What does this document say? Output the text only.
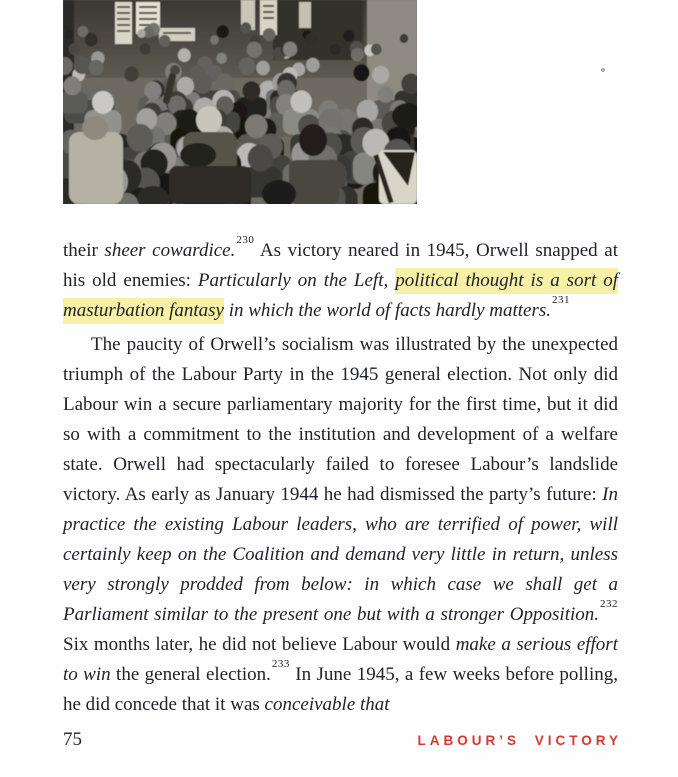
their sheer cowardice.$^{230}$ As victory neared in 1945, Orwell snapped at his old enemies: Particularly on the Left, political thought is a sort of masturbation fantasy in which the world of facts hardly matters.$^{231}$

The paucity of Orwell’s socialism was illustrated by the unexpected triumph of the Labour Party in the 1945 general election. Not only did Labour win a secure parliamentary majority for the first time, but it did so with a commitment to the institution and development of a welfare state. Orwell had spectacularly failed to foresee Labour’s landslide victory. As early as January 1944 he had dismissed the party’s future: In practice the existing Labour leaders, who are terrified of power, will certainly keep on the Coalition and demand very little in return, unless very strongly prodded from below: in which case we shall get a Parliament similar to the present one but with a stronger Opposition.$^{232}$ Six months later, he did not believe Labour would make a serious effort to win the general election.$^{233}$ In June 1945, a few weeks before polling, he did concede that it was conceivable that

75	LABOUR’S VICTORY
